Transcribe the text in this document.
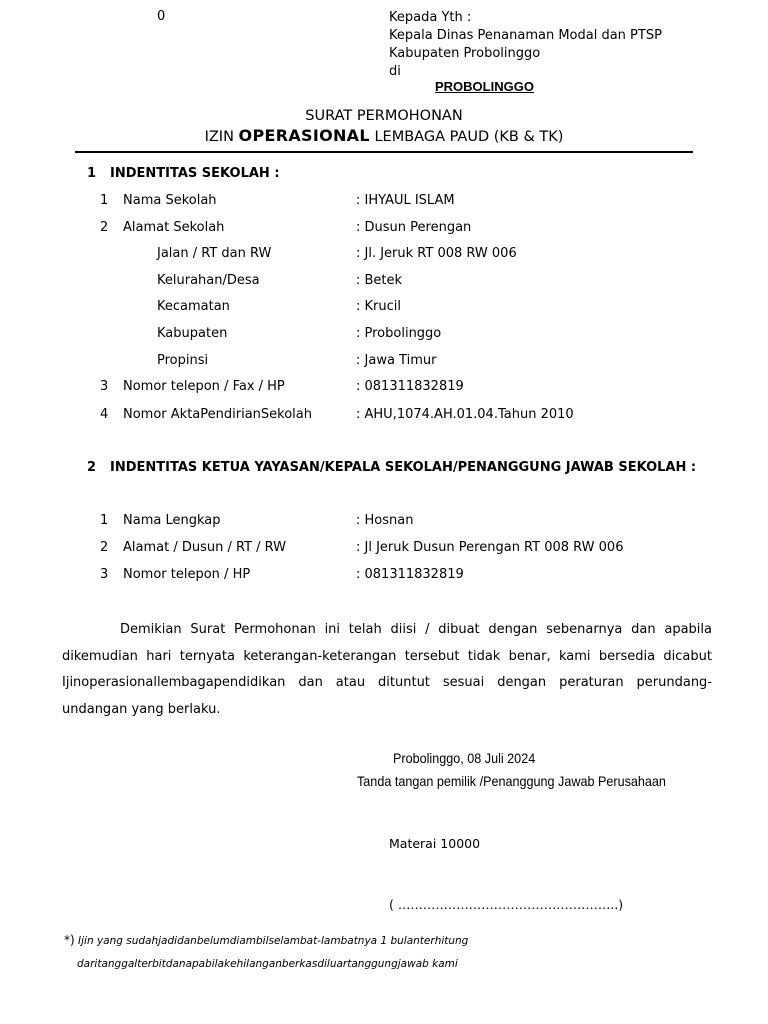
0	Kepada Yth :
Kepala Dinas Penanaman Modal dan PTSP
Kabupaten Probolinggo
di
PROBOLINGGO
SURAT PERMOHONAN
IZIN OPERASIONAL LEMBAGA PAUD (KB & TK)
1 INDENTITAS SEKOLAH :
1 Nama Sekolah	: IHYAUL ISLAM
2 Alamat Sekolah	: Dusun Perengan
Jalan / RT dan RW	: Jl. Jeruk RT 008 RW 006
Kelurahan/Desa	: Betek
Kecamatan	: Krucil
Kabupaten	: Probolinggo
Propinsi	: Jawa Timur
3 Nomor telepon / Fax / HP	: 081311832819
4 Nomor AktaPendirianSekolah	: AHU,1074.AH.01.04.Tahun 2010
2 INDENTITAS KETUA YAYASAN/KEPALA SEKOLAH/PENANGGUNG JAWAB SEKOLAH :
1 Nama Lengkap	: Hosnan
2 Alamat / Dusun / RT / RW	: Jl Jeruk Dusun Perengan RT 008 RW 006
3 Nomor telepon / HP	: 081311832819
Demikian Surat Permohonan ini telah diisi / dibuat dengan sebenarnya dan apabila dikemudian hari ternyata keterangan-keterangan tersebut tidak benar, kami bersedia dicabut Ijinoperasionallembagapendidikan dan atau dituntut sesuai dengan peraturan perundang-undangan yang berlaku.
Probolinggo, 08 Juli 2024
Tanda tangan pemilik /Penanggung Jawab Perusahaan
Materai 10000
( ……………………………………………..)
*) Ijin yang sudahjadidanbelumdiambilselambat-lambatnya 1 bulanterhitung
daritanggalterbitdanapabilakehilanganberkasdiluartanggungjawab kami
